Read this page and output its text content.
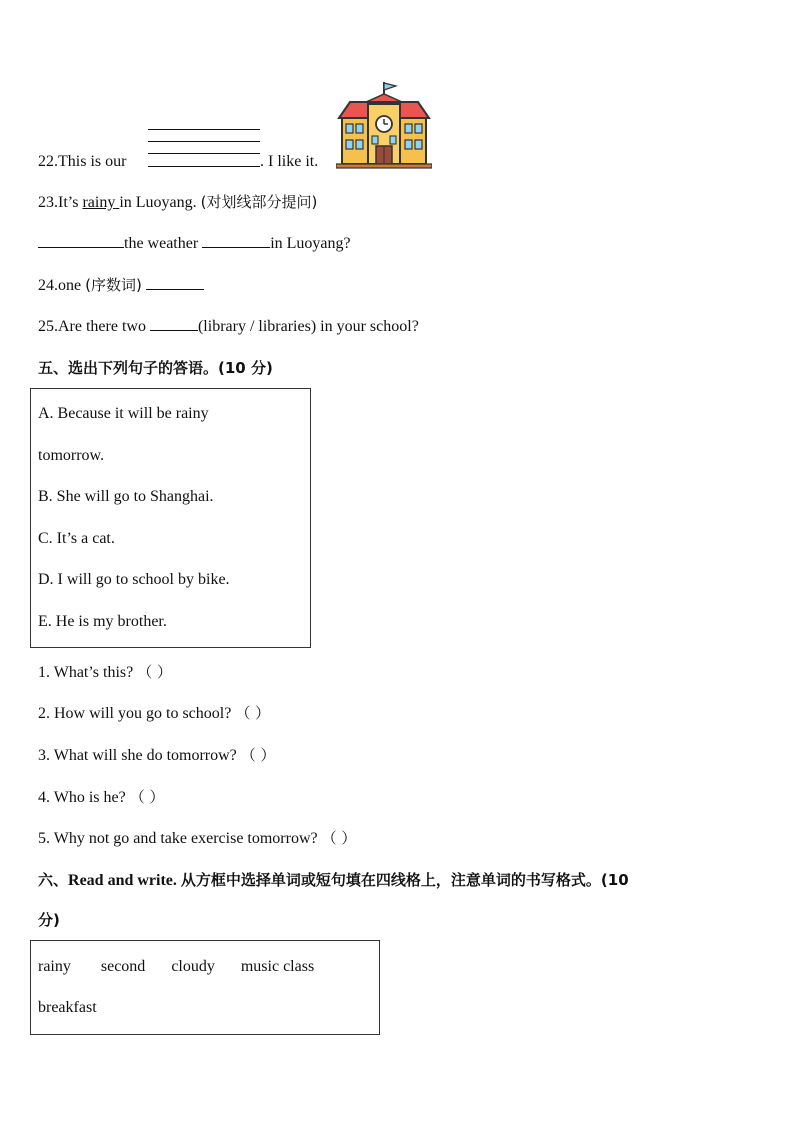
22.This is our	. I like it.
23.It’s rainy in Luoyang. (对划线部分提问)
the weather	in Luoyang?
24.one (序数词)
25.Are there two	(library / libraries) in your school?
五、选出下列句子的答语。(10 分)
A. Because it will be rainy
tomorrow.
B. She will go to Shanghai.
C. It’s a cat.
D. I will go to school by bike.
E. He is my brother.
1. What’s this? （ ）
2. How will you go to school? （ ）
3. What will she do tomorrow? （ ）
4. Who is he? （ ）
5. Why not go and take exercise tomorrow? （ ）
六、Read and write. 从方框中选择单词或短句填在四线格上，注意单词的书写格式。(10
分)
rainy second cloudy music class
breakfast
